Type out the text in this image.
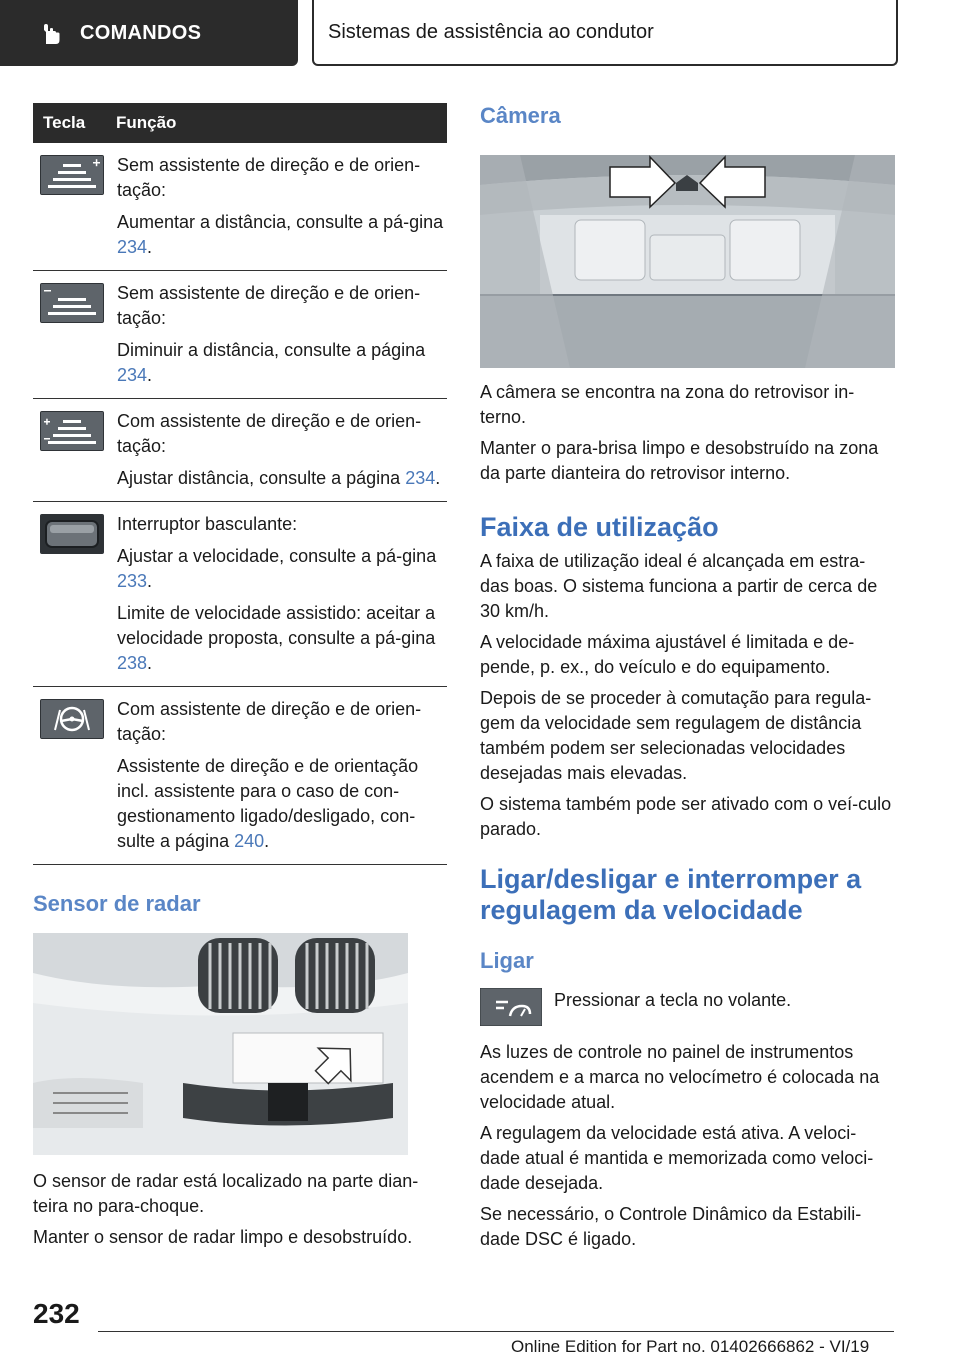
COMANDOS	Sistemas de assistência ao condutor
Tecla	Função

Sem assistente de direção e de orien-tação:

Aumentar a distância, consulte a pá-gina 234.

Sem assistente de direção e de orien-tação:

Diminuir a distância, consulte a página 234.

Com assistente de direção e de orien-tação:

Ajustar distância, consulte a página 234.

Interruptor basculante:

Ajustar a velocidade, consulte a pá-gina 233.

Limite de velocidade assistido: aceitar a velocidade proposta, consulte a pá-gina 238.

Com assistente de direção e de orien-tação:

Assistente de direção e de orientação incl. assistente para o caso de con-gestionamento ligado/desligado, con-sulte a página 240.

Sensor de radar

O sensor de radar está localizado na parte dian-teira no para-choque.

Manter o sensor de radar limpo e desobstruído.

Câmera

A câmera se encontra na zona do retrovisor in-terno.

Manter o para-brisa limpo e desobstruído na zona da parte dianteira do retrovisor interno.

Faixa de utilização

A faixa de utilização ideal é alcançada em estra-das boas. O sistema funciona a partir de cerca de 30 km/h.

A velocidade máxima ajustável é limitada e de-pende, p. ex., do veículo e do equipamento.

Depois de se proceder à comutação para regula-gem da velocidade sem regulagem de distância também podem ser selecionadas velocidades desejadas mais elevadas.

O sistema também pode ser ativado com o veí-culo parado.

Ligar/desligar e interromper a regulagem da velocidade
Ligar

Pressionar a tecla no volante.

As luzes de controle no painel de instrumentos acendem e a marca no velocímetro é colocada na velocidade atual.

A regulagem da velocidade está ativa. A veloci-dade atual é mantida e memorizada como veloci-dade desejada.

Se necessário, o Controle Dinâmico da Estabili-dade DSC é ligado.

232
Online Edition for Part no. 01402666862 - VI/19
